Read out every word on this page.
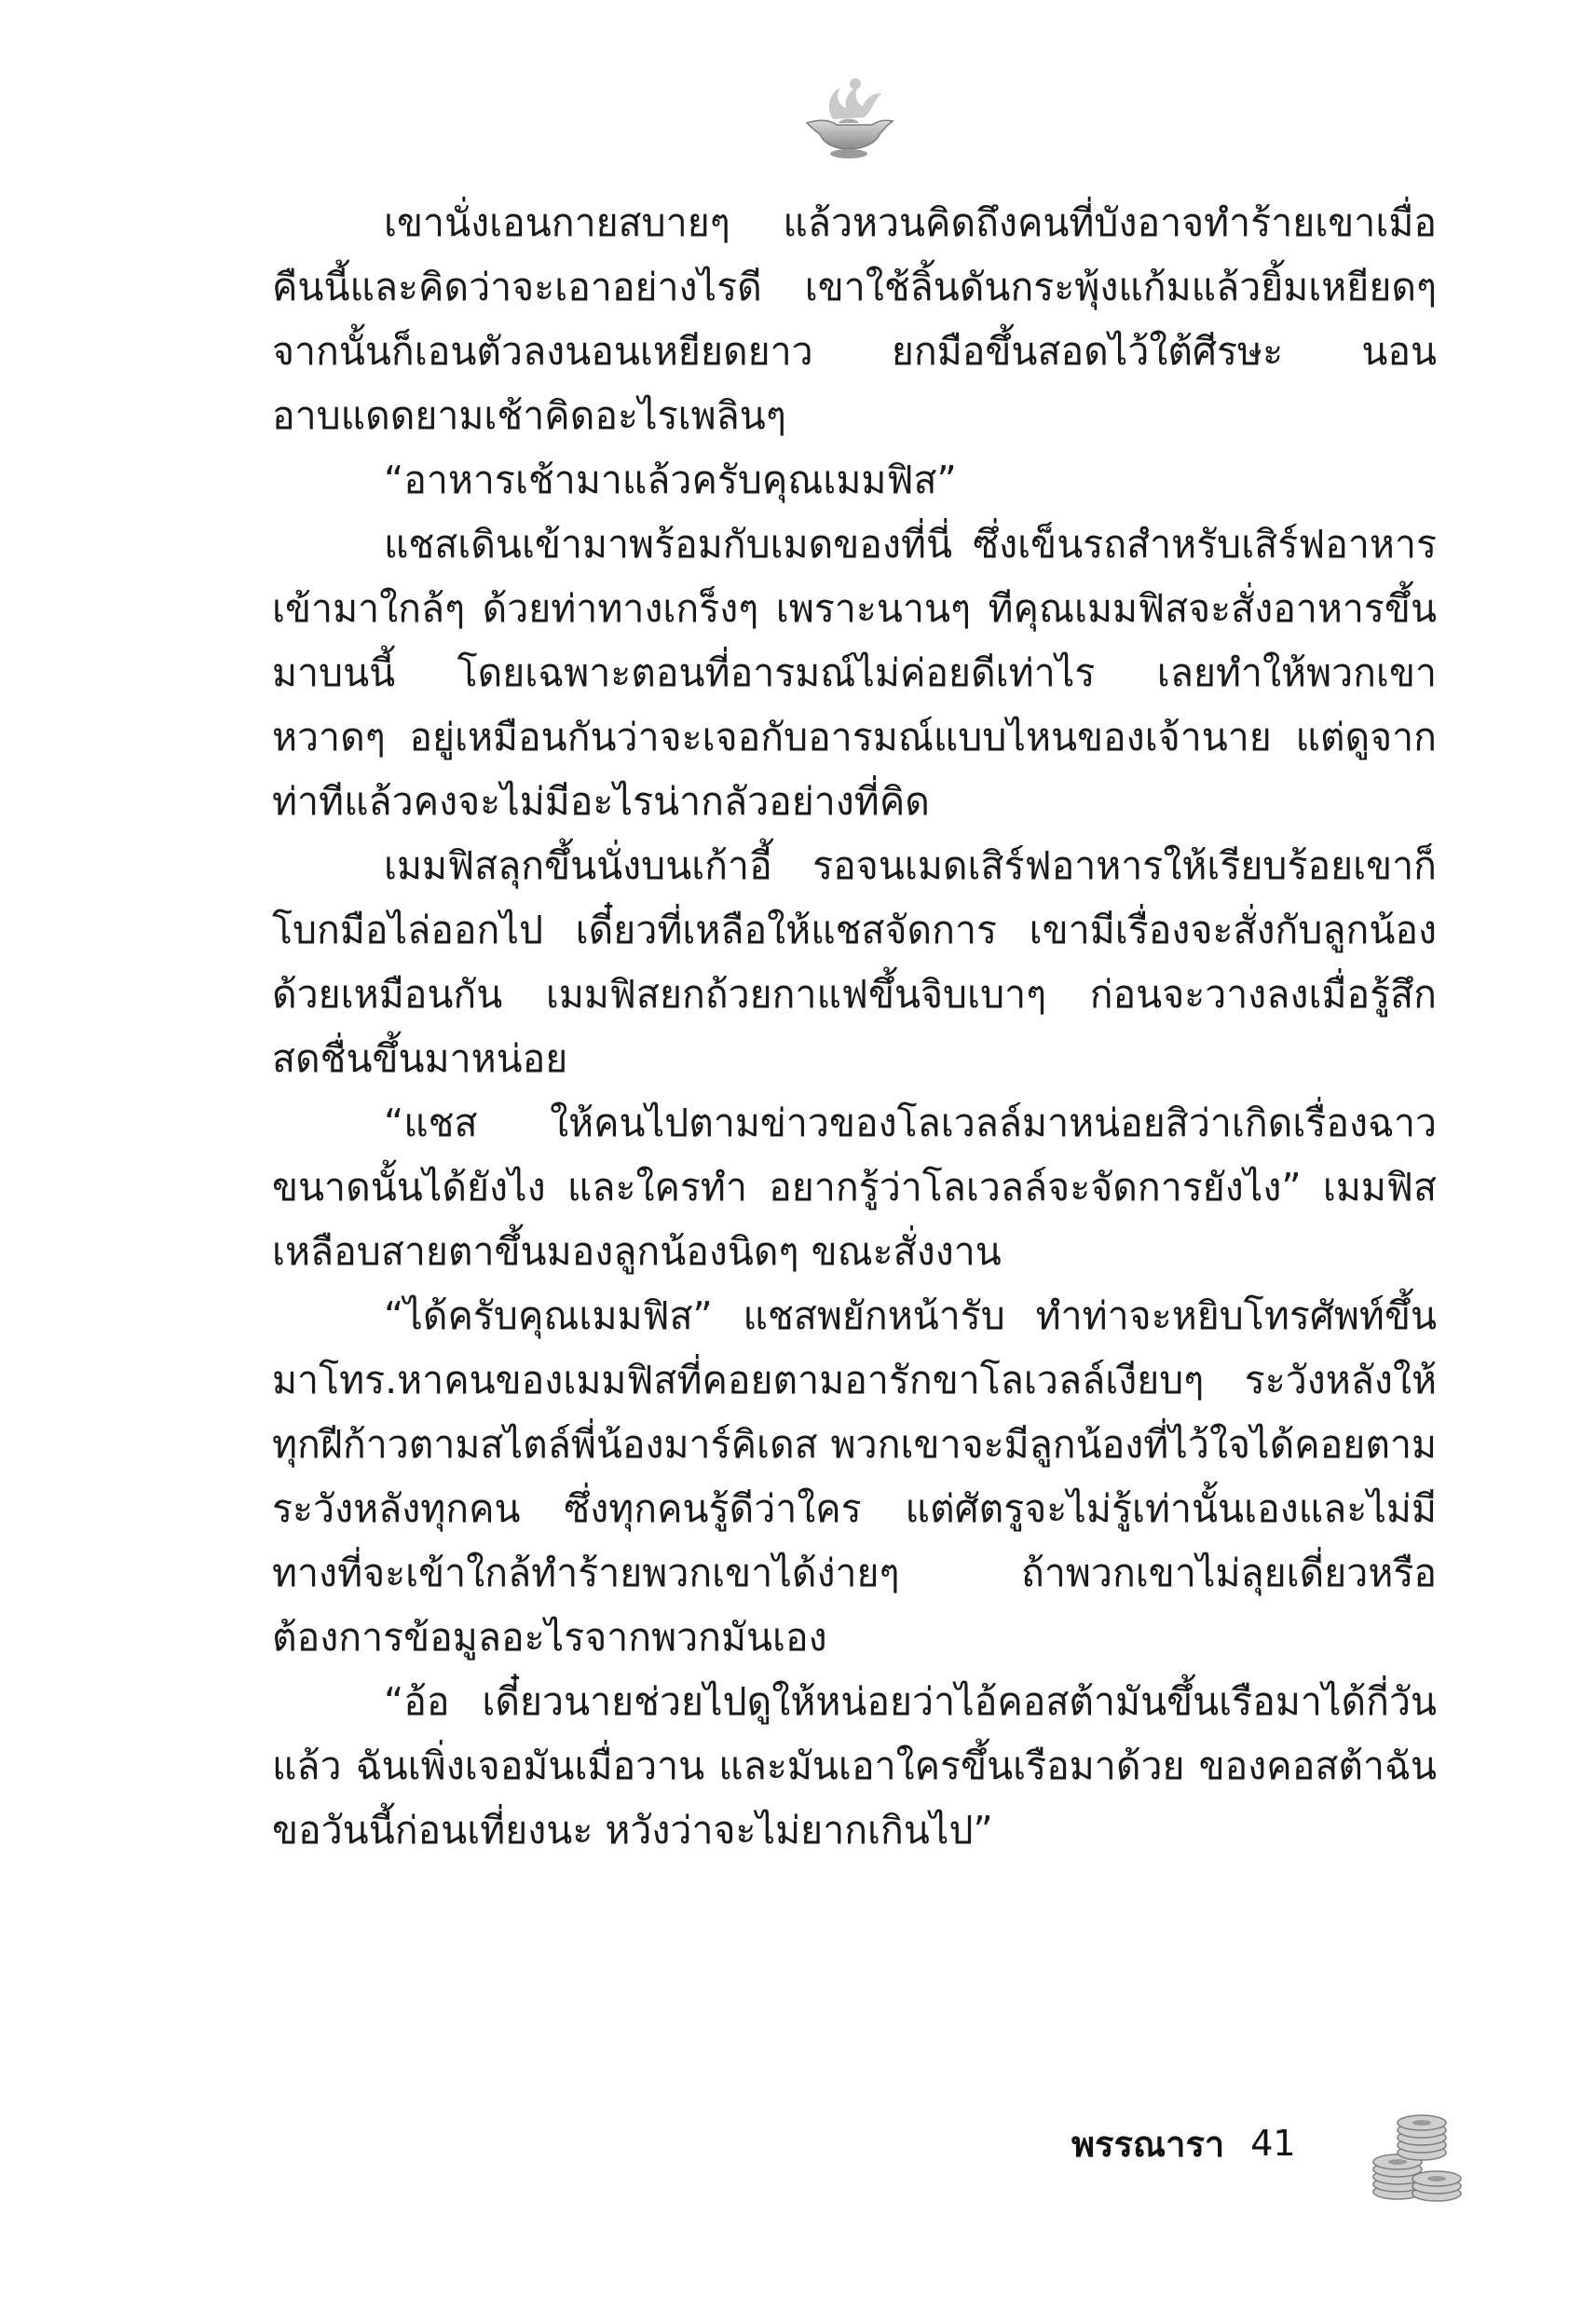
เขานั่งเอนกายสบายๆ แล้วหวนคิดถึงคนที่บังอาจทำร้ายเขาเมื่อคืนนี้และคิดว่าจะเอาอย่างไรดี เขาใช้ลิ้นดันกระพุ้งแก้มแล้วยิ้มเหยียดๆ จากนั้นก็เอนตัวลงนอนเหยียดยาว ยกมือขึ้นสอดไว้ใต้ศีรษะ นอนอาบแดดยามเช้าคิดอะไรเพลินๆ

“อาหารเช้ามาแล้วครับคุณเมมฟิส”

แชสเดินเข้ามาพร้อมกับเมดของที่นี่ ซึ่งเข็นรถสำหรับเสิร์ฟอาหารเข้ามาใกล้ๆ ด้วยท่าทางเกร็งๆ เพราะนานๆ ทีคุณเมมฟิสจะสั่งอาหารขึ้นมาบนนี้ โดยเฉพาะตอนที่อารมณ์ไม่ค่อยดีเท่าไร เลยทำให้พวกเขาหวาดๆ อยู่เหมือนกันว่าจะเจอกับอารมณ์แบบไหนของเจ้านาย แต่ดูจากท่าทีแล้วคงจะไม่มีอะไรน่ากลัวอย่างที่คิด

เมมฟิสลุกขึ้นนั่งบนเก้าอี้ รอจนเมดเสิร์ฟอาหารให้เรียบร้อยเขาก็โบกมือไล่ออกไป เดี๋ยวที่เหลือให้แชสจัดการ เขามีเรื่องจะสั่งกับลูกน้องด้วยเหมือนกัน เมมฟิสยกถ้วยกาแฟขึ้นจิบเบาๆ ก่อนจะวางลงเมื่อรู้สึกสดชื่นขึ้นมาหน่อย

“แชส ให้คนไปตามข่าวของโลเวลล์มาหน่อยสิว่าเกิดเรื่องฉาวขนาดนั้นได้ยังไง และใครทำ อยากรู้ว่าโลเวลล์จะจัดการยังไง” เมมฟิสเหลือบสายตาขึ้นมองลูกน้องนิดๆ ขณะสั่งงาน

“ได้ครับคุณเมมฟิส” แชสพยักหน้ารับ ทำท่าจะหยิบโทรศัพท์ขึ้นมาโทร.หาคนของเมมฟิสที่คอยตามอารักขาโลเวลล์เงียบๆ ระวังหลังให้ทุกฝีก้าวตามสไตล์พี่น้องมาร์คิเดส พวกเขาจะมีลูกน้องที่ไว้ใจได้คอยตามระวังหลังทุกคน ซึ่งทุกคนรู้ดีว่าใคร แต่ศัตรูจะไม่รู้เท่านั้นเองและไม่มีทางที่จะเข้าใกล้ทำร้ายพวกเขาได้ง่ายๆ ถ้าพวกเขาไม่ลุยเดี่ยวหรือต้องการข้อมูลอะไรจากพวกมันเอง

“อ้อ เดี๋ยวนายช่วยไปดูให้หน่อยว่าไอ้คอสต้ามันขึ้นเรือมาได้กี่วันแล้ว ฉันเพิ่งเจอมันเมื่อวาน และมันเอาใครขึ้นเรือมาด้วย ของคอสต้าฉันขอวันนี้ก่อนเที่ยงนะ หวังว่าจะไม่ยากเกินไป”

พรรณารา 41
